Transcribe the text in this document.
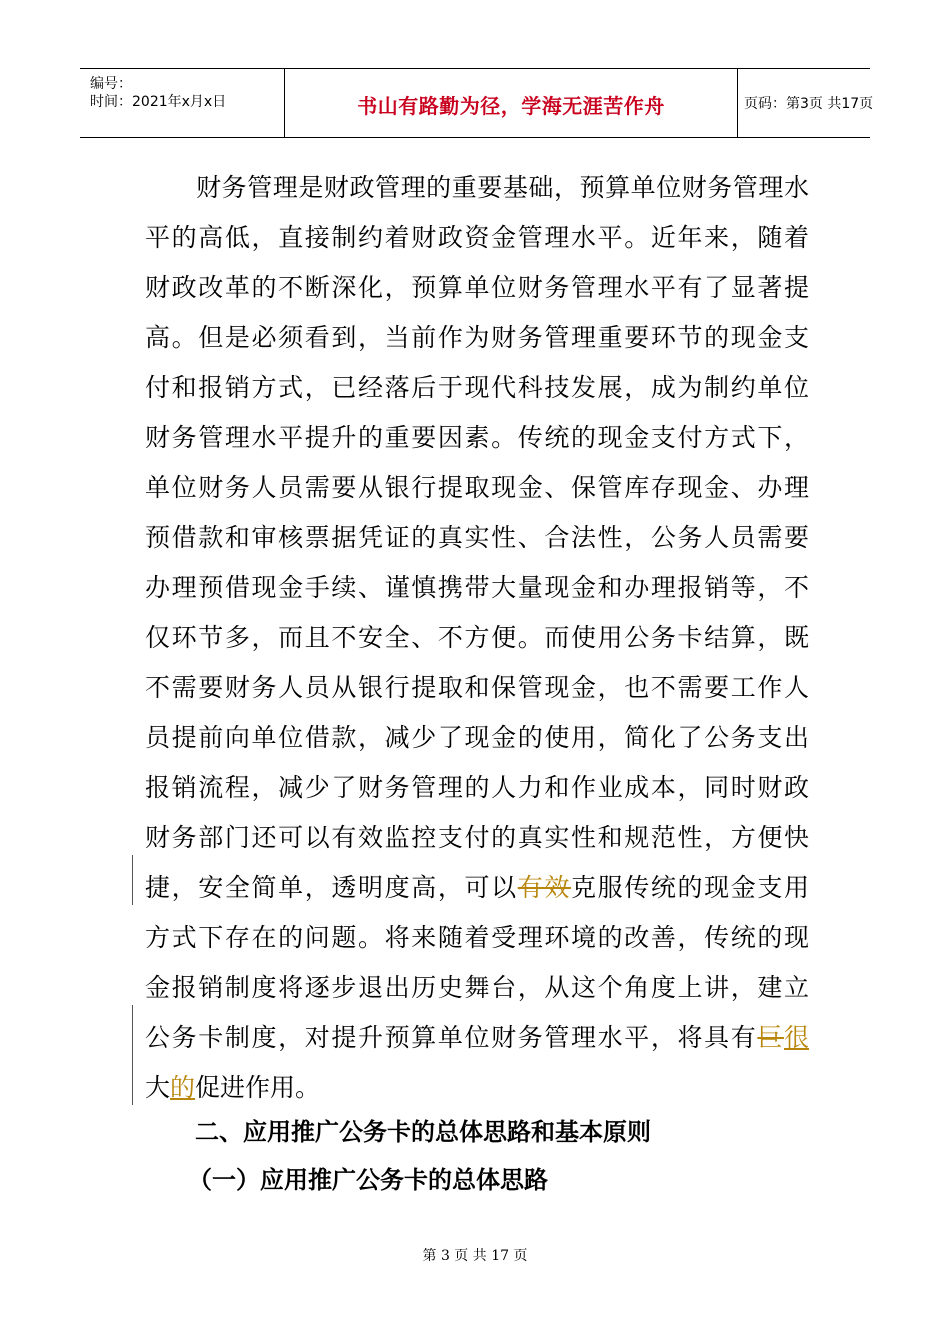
编号：
时间：2021年x月x日	书山有路勤为径，学海无涯苦作舟	页码：第3页 共17页
　　财务管理是财政管理的重要基础，预算单位财务管理水
平的高低，直接制约着财政资金管理水平。近年来，随着
财政改革的不断深化，预算单位财务管理水平有了显著提
高。但是必须看到，当前作为财务管理重要环节的现金支
付和报销方式，已经落后于现代科技发展，成为制约单位
财务管理水平提升的重要因素。传统的现金支付方式下，
单位财务人员需要从银行提取现金、保管库存现金、办理
预借款和审核票据凭证的真实性、合法性，公务人员需要
办理预借现金手续、谨慎携带大量现金和办理报销等，不
仅环节多，而且不安全、不方便。而使用公务卡结算，既
不需要财务人员从银行提取和保管现金，也不需要工作人
员提前向单位借款，减少了现金的使用，简化了公务支出
报销流程，减少了财务管理的人力和作业成本，同时财政
财务部门还可以有效监控支付的真实性和规范性，方便快
捷，安全简单，透明度高，可以有效克服传统的现金支用
方式下存在的问题。将来随着受理环境的改善，传统的现
金报销制度将逐步退出历史舞台，从这个角度上讲，建立
公务卡制度，对提升预算单位财务管理水平，将具有巨很
大的促进作用。
二、应用推广公务卡的总体思路和基本原则
（一）应用推广公务卡的总体思路
第 3 页 共 17 页
